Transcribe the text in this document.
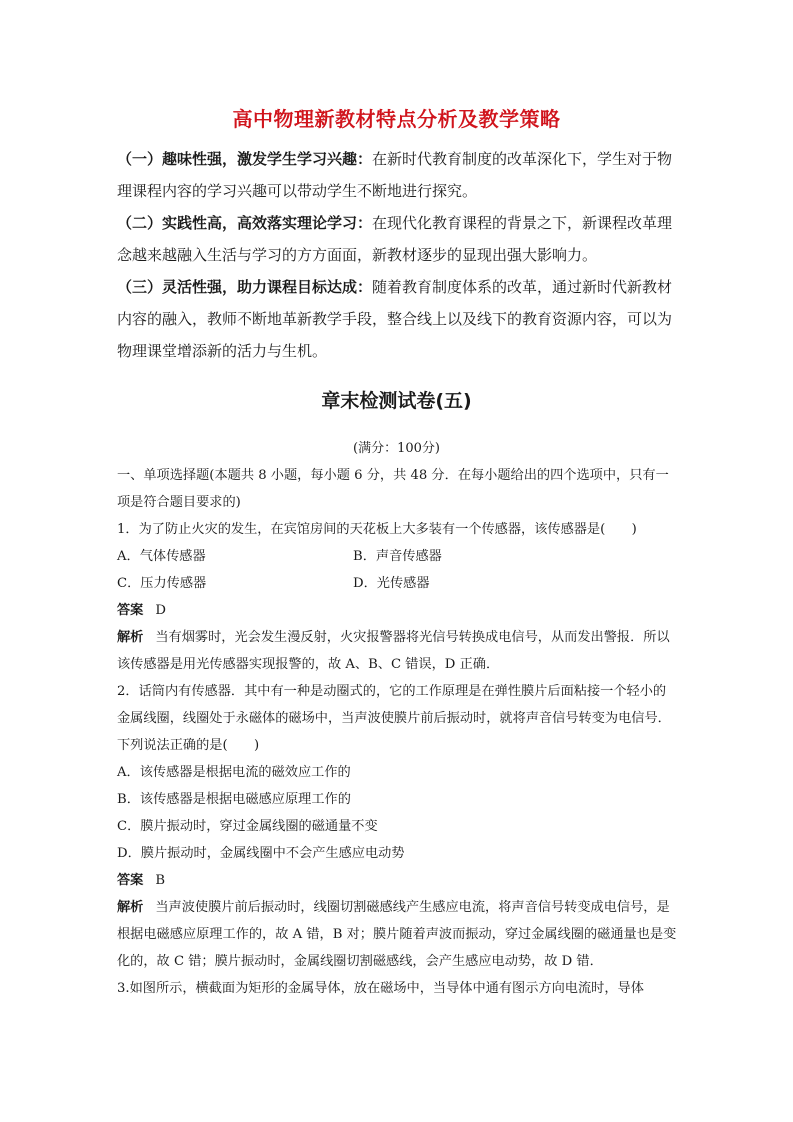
高中物理新教材特点分析及教学策略

（一）趣味性强，激发学生学习兴趣：在新时代教育制度的改革深化下，学生对于物理课程内容的学习兴趣可以带动学生不断地进行探究。

（二）实践性高，高效落实理论学习：在现代化教育课程的背景之下，新课程改革理念越来越融入生活与学习的方方面面，新教材逐步的显现出强大影响力。

（三）灵活性强，助力课程目标达成：随着教育制度体系的改革，通过新时代新教材内容的融入，教师不断地革新教学手段，整合线上以及线下的教育资源内容，可以为物理课堂增添新的活力与生机。

章末检测试卷(五)
(满分：100分)

一、单项选择题(本题共 8 小题，每小题 6 分，共 48 分．在每小题给出的四个选项中，只有一项是符合题目要求的)

1．为了防止火灾的发生，在宾馆房间的天花板上大多装有一个传感器，该传感器是(　　)

A．气体传感器	B．声音传感器
C．压力传感器	D．光传感器

答案 D

解析 当有烟雾时，光会发生漫反射，火灾报警器将光信号转换成电信号，从而发出警报．所以该传感器是用光传感器实现报警的，故 A、B、C 错误，D 正确．

2．话筒内有传感器．其中有一种是动圈式的，它的工作原理是在弹性膜片后面粘接一个轻小的金属线圈，线圈处于永磁体的磁场中，当声波使膜片前后振动时，就将声音信号转变为电信号．下列说法正确的是(　　)

A．该传感器是根据电流的磁效应工作的

B．该传感器是根据电磁感应原理工作的

C．膜片振动时，穿过金属线圈的磁通量不变

D．膜片振动时，金属线圈中不会产生感应电动势

答案 B

解析 当声波使膜片前后振动时，线圈切割磁感线产生感应电流，将声音信号转变成电信号，是根据电磁感应原理工作的，故 A 错，B 对；膜片随着声波而振动，穿过金属线圈的磁通量也是变化的，故 C 错；膜片振动时，金属线圈切割磁感线，会产生感应电动势，故 D 错．

3.如图所示，横截面为矩形的金属导体，放在磁场中，当导体中通有图示方向电流时，导体
